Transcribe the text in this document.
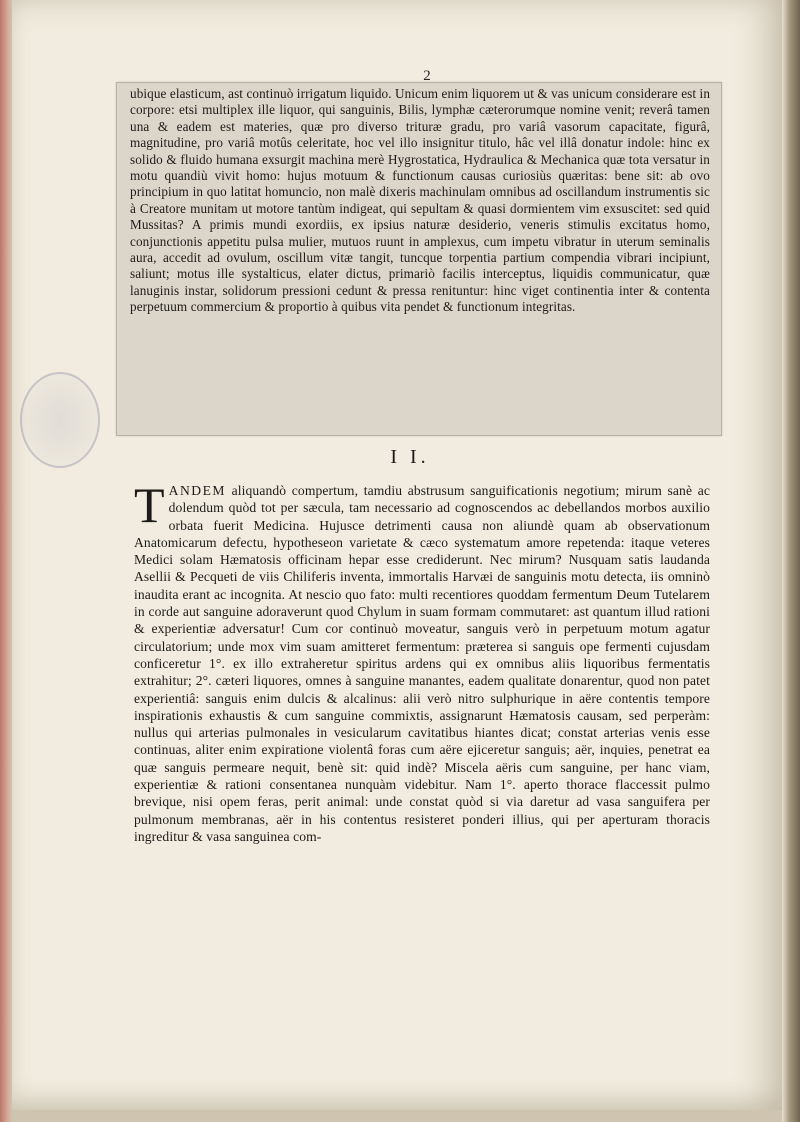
2

ubique elasticum, ast continuò irrigatum liquido. Unicum enim liquorem ut & vas unicum considerare est in corpore: etsi multiplex ille liquor, qui sanguinis, Bilis, lymphæ cæterorumque nomine venit; reverâ tamen una & eadem est materies, quæ pro diverso trituræ gradu, pro variâ vasorum capacitate, figurâ, magnitudine, pro variâ motûs celeritate, hoc vel illo insignitur titulo, hâc vel illâ donatur indole: hinc ex solido & fluido humana exsurgit machina merè Hygrostatica, Hydraulica & Mechanica quæ tota versatur in motu quandiù vivit homo: hujus motuum & functionum causas curiosiùs quæritas: bene sit: ab ovo principium in quo latitat homuncio, non malè dixeris machinulam omnibus ad oscillandum instrumentis sic à Creatore munitam ut motore tantùm indigeat, qui sepultam & quasi dormientem vim exsuscitet: sed quid Mussitas? A primis mundi exordiis, ex ipsius naturæ desiderio, veneris stimulis excitatus homo, conjunctionis appetitu pulsa mulier, mutuos ruunt in amplexus, cum impetu vibratur in uterum seminalis aura, accedit ad ovulum, oscillum vitæ tangit, tuncque torpentia partium compendia vibrari incipiunt, saliunt; motus ille systalticus, elater dictus, primariò facilis interceptus, liquidis communicatur, quæ lanuginis instar, solidorum pressioni cedunt & pressa renituntur: hinc viget continentia inter & contenta perpetuum commercium & proportio à quibus vita pendet & functionum integritas.

I I.

TANDEM aliquandò compertum, tamdiu abstrusum sanguificationis negotium; mirum sanè ac dolendum quòd tot per sæcula, tam necessario ad cognoscendos ac debellandos morbos auxilio orbata fuerit Medicina. Hujusce detrimenti causa non aliundè quam ab observationum Anatomicarum defectu, hypotheseon varietate & cæco systematum amore repetenda: itaque veteres Medici solam Hæmatosis officinam hepar esse crediderunt. Nec mirum? Nusquam satis laudanda Asellii & Pecqueti de viis Chiliferis inventa, immortalis Harvæi de sanguinis motu detecta, iis omninò inaudita erant ac incognita. At nescio quo fato: multi recentiores quoddam fermentum Deum Tutelarem in corde aut sanguine adoraverunt quod Chylum in suam formam commutaret: ast quantum illud rationi & experientiæ adversatur! Cum cor continuò moveatur, sanguis verò in perpetuum motum agatur circulatorium; unde mox vim suam amitteret fermentum: præterea si sanguis ope fermenti cujusdam conficeretur 1°. ex illo extraheretur spiritus ardens qui ex omnibus aliis liquoribus fermentatis extrahitur; 2°. cæteri liquores, omnes à sanguine manantes, eadem qualitate donarentur, quod non patet experientiâ: sanguis enim dulcis & alcalinus: alii verò nitro sulphurique in aëre contentis tempore inspirationis exhaustis & cum sanguine commixtis, assignarunt Hæmatosis causam, sed perperàm: nullus qui arterias pulmonales in vesicularum cavitatibus hiantes dicat; constat arterias venis esse continuas, aliter enim expiratione violentâ foras cum aëre ejiceretur sanguis; aër, inquies, penetrat ea quæ sanguis permeare nequit, benè sit: quid indè? Miscela aëris cum sanguine, per hanc viam, experientiæ & rationi consentanea nunquàm videbitur. Nam 1°. aperto thorace flaccessit pulmo brevique, nisi opem feras, perit animal: unde constat quòd si via daretur ad vasa sanguifera per pulmonum membranas, aër in his contentus resisteret ponderi illius, qui per aperturam thoracis ingreditur & vasa sanguinea com-
